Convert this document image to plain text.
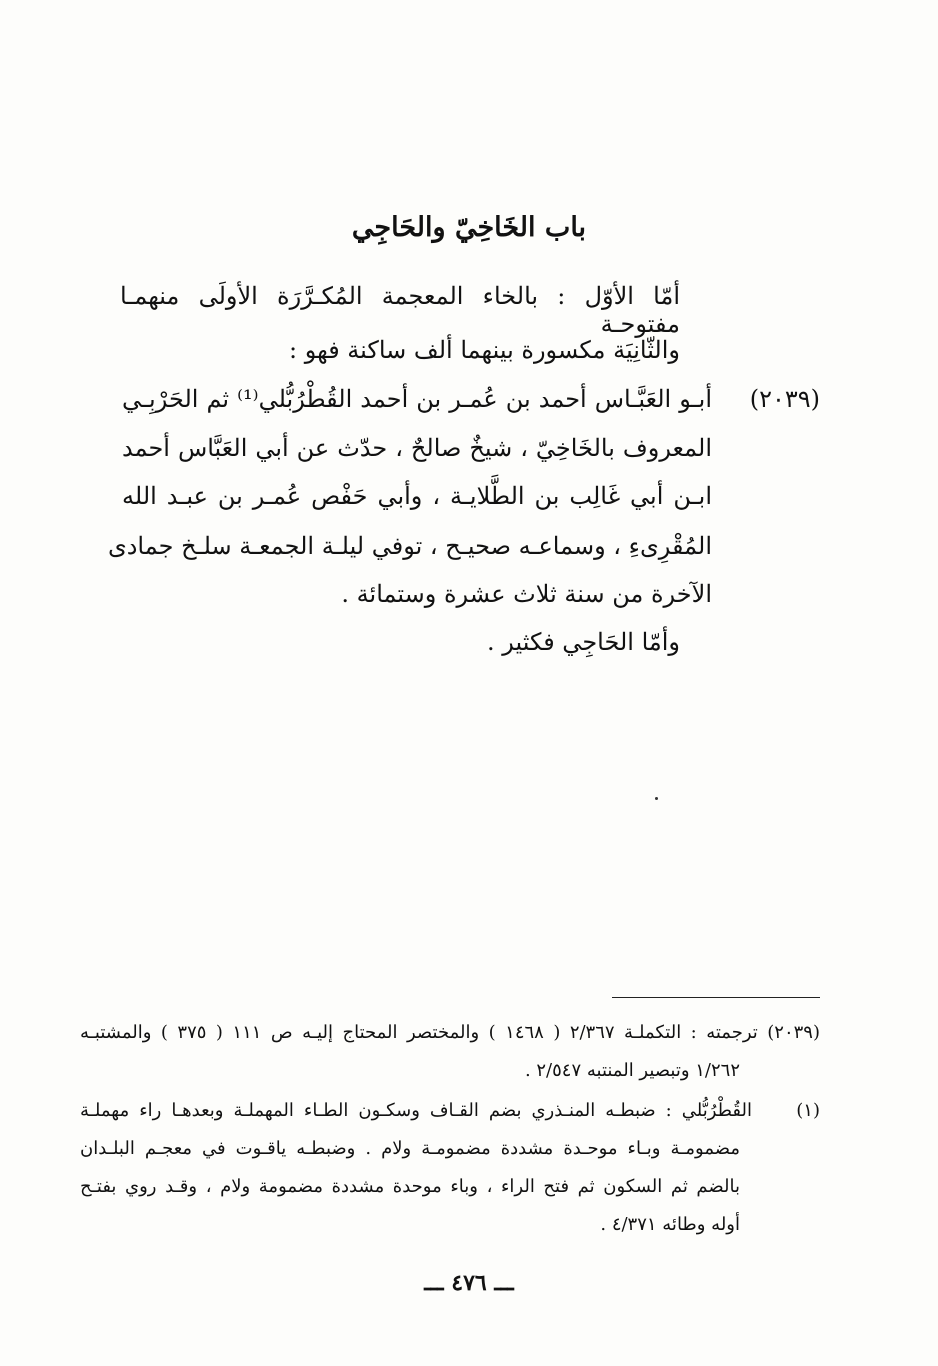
باب الخَاخِيّ والحَاجِي

أمّا الأوّل : بالخاء المعجمة المُكـرَّرَة الأولَى منهمـا مفتوحـة

والثّانِيَة مكسورة بينهما ألف ساكنة فهو :

(٢٠٣٩)

أبـو العَبَّـاس أحمد بن عُمـر بن أحمد القُطْرُبُّلي⁽¹⁾ ثم الحَرْبِـي

المعروف بالخَاخِيّ ، شيخٌ صالحٌ ، حدّث عن أبي العَبَّاس أحمد

ابـن أبي غَالِب بن الطَّلايـة ، وأبي حَفْص عُمـر بن عبـد الله

المُقْرِىءِ ، وسماعـه صحيـح ، توفي ليلـة الجمعـة سلـخ جمادى

الآخرة من سنة ثلاث عشرة وستمائة .

وأمّا الحَاجِي فكثير .

(٢٠٣٩) ترجمته : التكملـة ٢/٣٦٧ ( ١٤٦٨ ) والمختصر المحتاج إليـه ص ١١١ ( ٣٧٥ ) والمشتبـه

١/٢٦٢ وتبصير المنتبه ٢/٥٤٧ .

(١)

القُطْرُبُّلي : ضبطـه المنـذري بضم القـاف وسكـون الطـاء المهملـة وبعدهـا راء مهملـة

مضمومـة وبـاء موحـدة مشددة مضمومـة ولام . وضبطـه ياقـوت في معجـم البلـدان

بالضم ثم السكون ثم فتح الراء ، وباء موحدة مشددة مضمومة ولام ، وقـد روي بفتـح

أوله وطائه ٤/٣٧١ .

ـــ ٤٧٦ ـــ
